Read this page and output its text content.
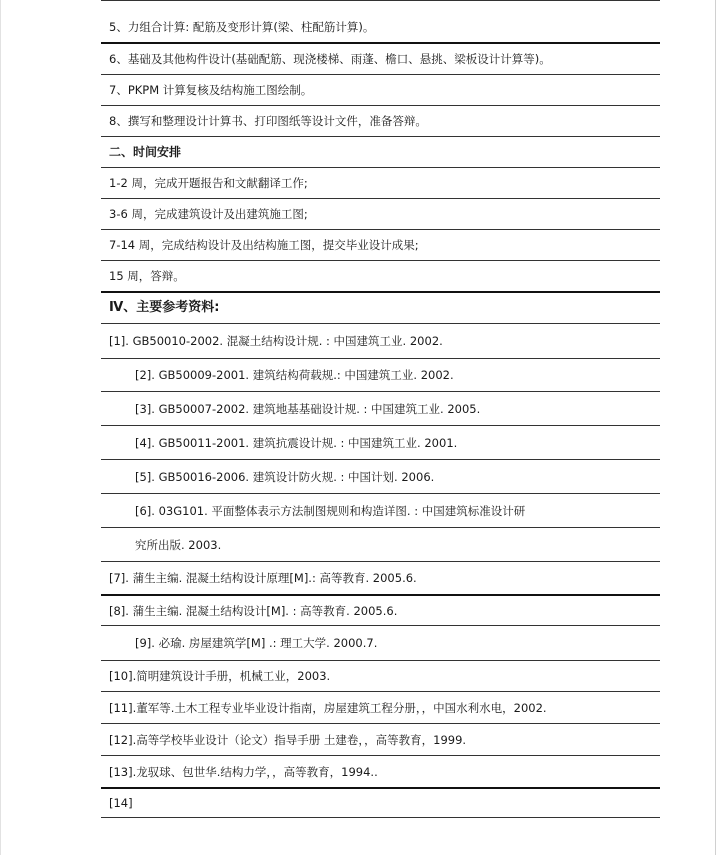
5、力组合计算: 配筋及变形计算(梁、柱配筋计算)。
6、基础及其他构件设计(基础配筋、现浇楼梯、雨蓬、檐口、悬挑、梁板设计计算等)。
7、PKPM 计算复核及结构施工图绘制。
8、撰写和整理设计计算书、打印图纸等设计文件，准备答辩。
二、时间安排
1-2 周，完成开题报告和文献翻译工作;
3-6 周，完成建筑设计及出建筑施工图;
7-14 周，完成结构设计及出结构施工图，提交毕业设计成果;
15 周，答辩。
Ⅳ、主要参考资料:
[1]. GB50010-2002. 混凝土结构设计规. : 中国建筑工业. 2002.
[2]. GB50009-2001. 建筑结构荷载规.: 中国建筑工业. 2002.
[3]. GB50007-2002. 建筑地基基础设计规. : 中国建筑工业. 2005.
[4]. GB50011-2001. 建筑抗震设计规. : 中国建筑工业. 2001.
[5]. GB50016-2006. 建筑设计防火规. : 中国计划. 2006.
[6]. 03G101. 平面整体表示方法制图规则和构造详图. : 中国建筑标准设计研
究所出版. 2003.
[7]. 蒲生主编. 混凝土结构设计原理[M].: 高等教育. 2005.6.
[8]. 蒲生主编. 混凝土结构设计[M]. : 高等教育. 2005.6.
[9]. 必瑜. 房屋建筑学[M] .: 理工大学. 2000.7.
[10].简明建筑设计手册，机械工业，2003.
[11].董军等.土木工程专业毕业设计指南，房屋建筑工程分册，，中国水利水电，2002.
[12].高等学校毕业设计（论文）指导手册 土建卷，，高等教育，1999.
[13].龙驭球、包世华.结构力学，，高等教育，1994..
[14]
